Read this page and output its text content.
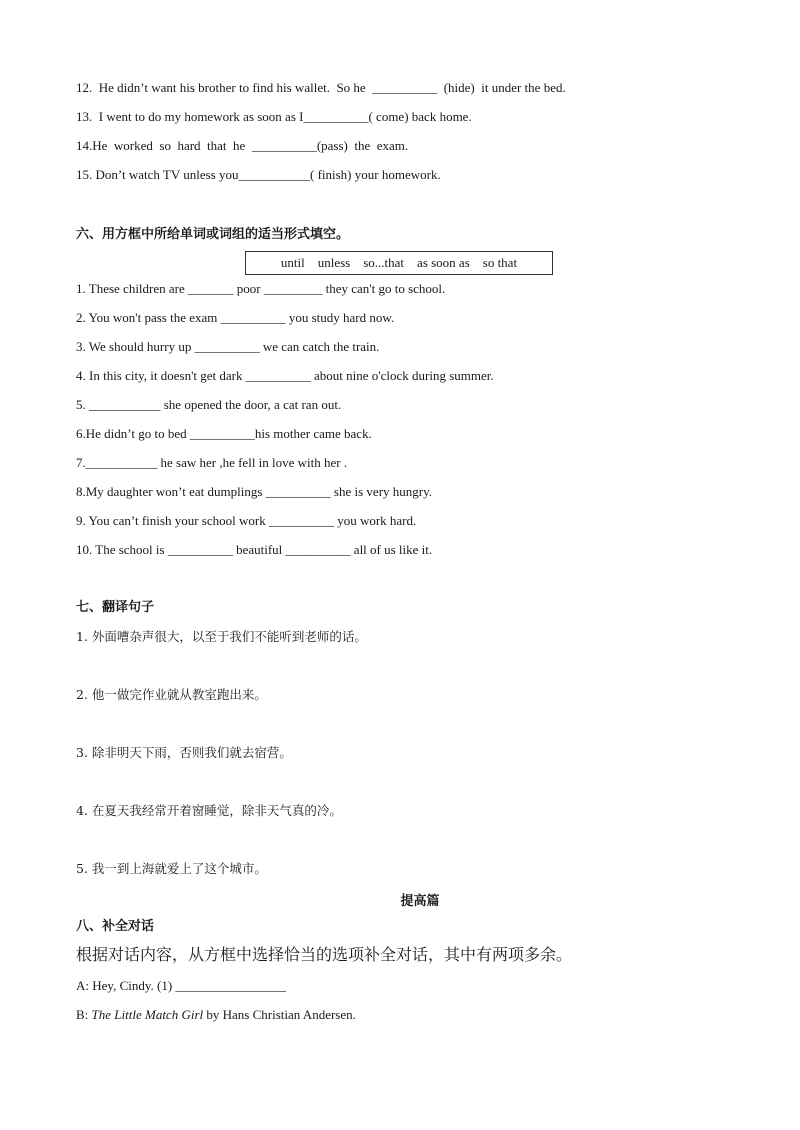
12.  He didn’t want his brother to find his wallet.  So he  __________  (hide)  it under the bed.
13.  I went to do my homework as soon as I__________( come) back home.
14.He  worked  so  hard  that  he  __________(pass)  the  exam.
15. Don’t watch TV unless you___________( finish) your homework.
六、用方框中所给单词或词组的适当形式填空。
until    unless    so...that    as soon as    so that
1. These children are _______ poor _________ they can't go to school.
2. You won't pass the exam __________ you study hard now.
3. We should hurry up __________ we can catch the train.
4. In this city, it doesn't get dark __________ about nine o'clock during summer.
5. ___________ she opened the door, a cat ran out.
6.He didn’t go to bed __________his mother came back.
7.___________ he saw her ,he fell in love with her .
8.My daughter won’t eat dumplings __________ she is very hungry.
9. You can’t finish your school work __________ you work hard.
10. The school is __________ beautiful __________ all of us like it.
七、翻译句子
1. 外面嘈杂声很大，以至于我们不能听到老师的话。
2. 他一做完作业就从教室跑出来。
3. 除非明天下雨，否则我们就去宿营。
4. 在夏天我经常开着窗睡觉，除非天气真的冷。
5. 我一到上海就爱上了这个城市。
提高篇
八、补全对话
根据对话内容，从方框中选择恰当的选项补全对话，其中有两项多余。
A: Hey, Cindy. (1) _________________
B: The Little Match Girl by Hans Christian Andersen.
